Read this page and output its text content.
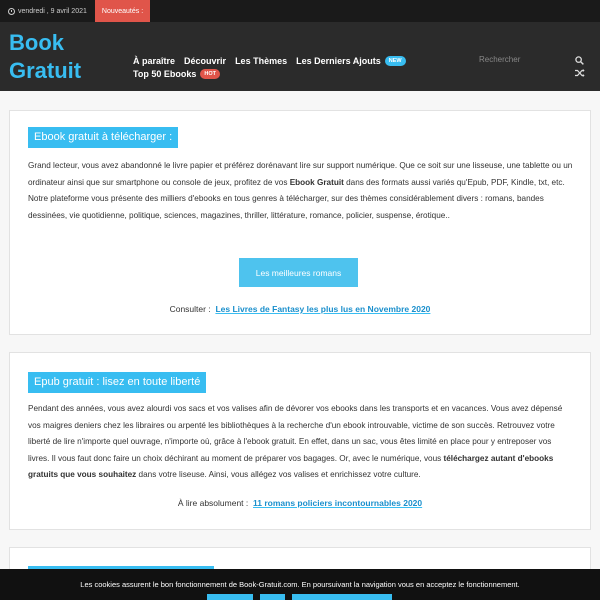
vendredi , 9 avril 2021	Nouveautés :
Book
Gratuit	À paraître Découvrir Les Thèmes Les Derniers Ajouts	NEW	Rechercher
Top 50 Ebooks	HOT
Ebook gratuit à télécharger :

Grand lecteur, vous avez abandonné le livre papier et préférez dorénavant lire sur support numérique. Que ce soit sur une lisseuse, une tablette ou un ordinateur ainsi que sur smartphone ou console de jeux, profitez de vos Ebook Gratuit dans des formats aussi variés qu'Epub, PDF, Kindle, txt, etc. Notre plateforme vous présente des milliers d'ebooks en tous genres à télécharger, sur des thèmes considérablement divers : romans, bandes dessinées, vie quotidienne, politique, sciences, magazines, thriller, littérature, romance, policier, suspense, érotique..

Les meilleures romans
Consulter : Les Livres de Fantasy les plus lus en Novembre 2020
Epub gratuit : lisez en toute liberté

Pendant des années, vous avez alourdi vos sacs et vos valises afin de dévorer vos ebooks dans les transports et en vacances. Vous avez dépensé vos maigres deniers chez les libraires ou arpenté les bibliothèques à la recherche d'un ebook introuvable, victime de son succès. Retrouvez votre liberté de lire n'importe quel ouvrage, n'importe où, grâce à l'ebook gratuit. En effet, dans un sac, vous êtes limité en place pour y entreposer vos livres. Il vous faut donc faire un choix déchirant au moment de préparer vos bagages. Or, avec le numérique, vous téléchargez autant d'ebooks gratuits que vous souhaitez dans votre liseuse. Ainsi, vous allégez vos valises et enrichissez votre culture.

À lire absolument : 11 romans policiers incontournables 2020
Les cookies assurent le bon fonctionnement de Book-Gratuit.com. En poursuivant la navigation vous en acceptez le fonctionnement.
